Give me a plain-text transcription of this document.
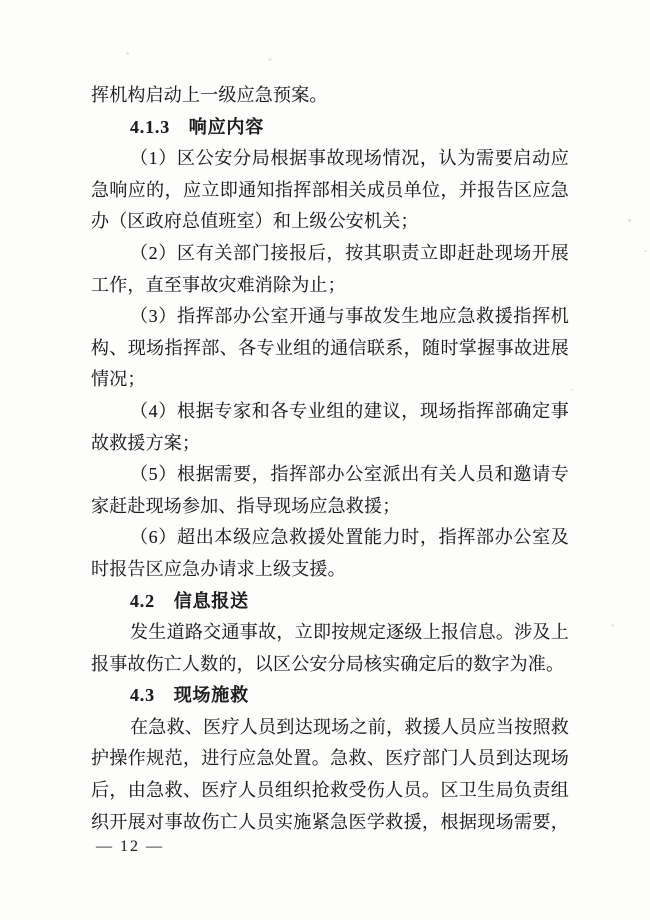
挥机构启动上一级应急预案。
4.1.3　响应内容
（1）区公安分局根据事故现场情况，认为需要启动应
急响应的，应立即通知指挥部相关成员单位，并报告区应急
办（区政府总值班室）和上级公安机关；
（2）区有关部门接报后，按其职责立即赶赴现场开展
工作，直至事故灾难消除为止；
（3）指挥部办公室开通与事故发生地应急救援指挥机
构、现场指挥部、各专业组的通信联系，随时掌握事故进展
情况；
（4）根据专家和各专业组的建议，现场指挥部确定事
故救援方案；
（5）根据需要，指挥部办公室派出有关人员和邀请专
家赶赴现场参加、指导现场应急救援；
（6）超出本级应急救援处置能力时，指挥部办公室及
时报告区应急办请求上级支援。
4.2　信息报送
发生道路交通事故，立即按规定逐级上报信息。涉及上
报事故伤亡人数的，以区公安分局核实确定后的数字为准。
4.3　现场施救
在急救、医疗人员到达现场之前，救援人员应当按照救
护操作规范，进行应急处置。急救、医疗部门人员到达现场
后，由急救、医疗人员组织抢救受伤人员。区卫生局负责组
织开展对事故伤亡人员实施紧急医学救援，根据现场需要，
— 12 —
